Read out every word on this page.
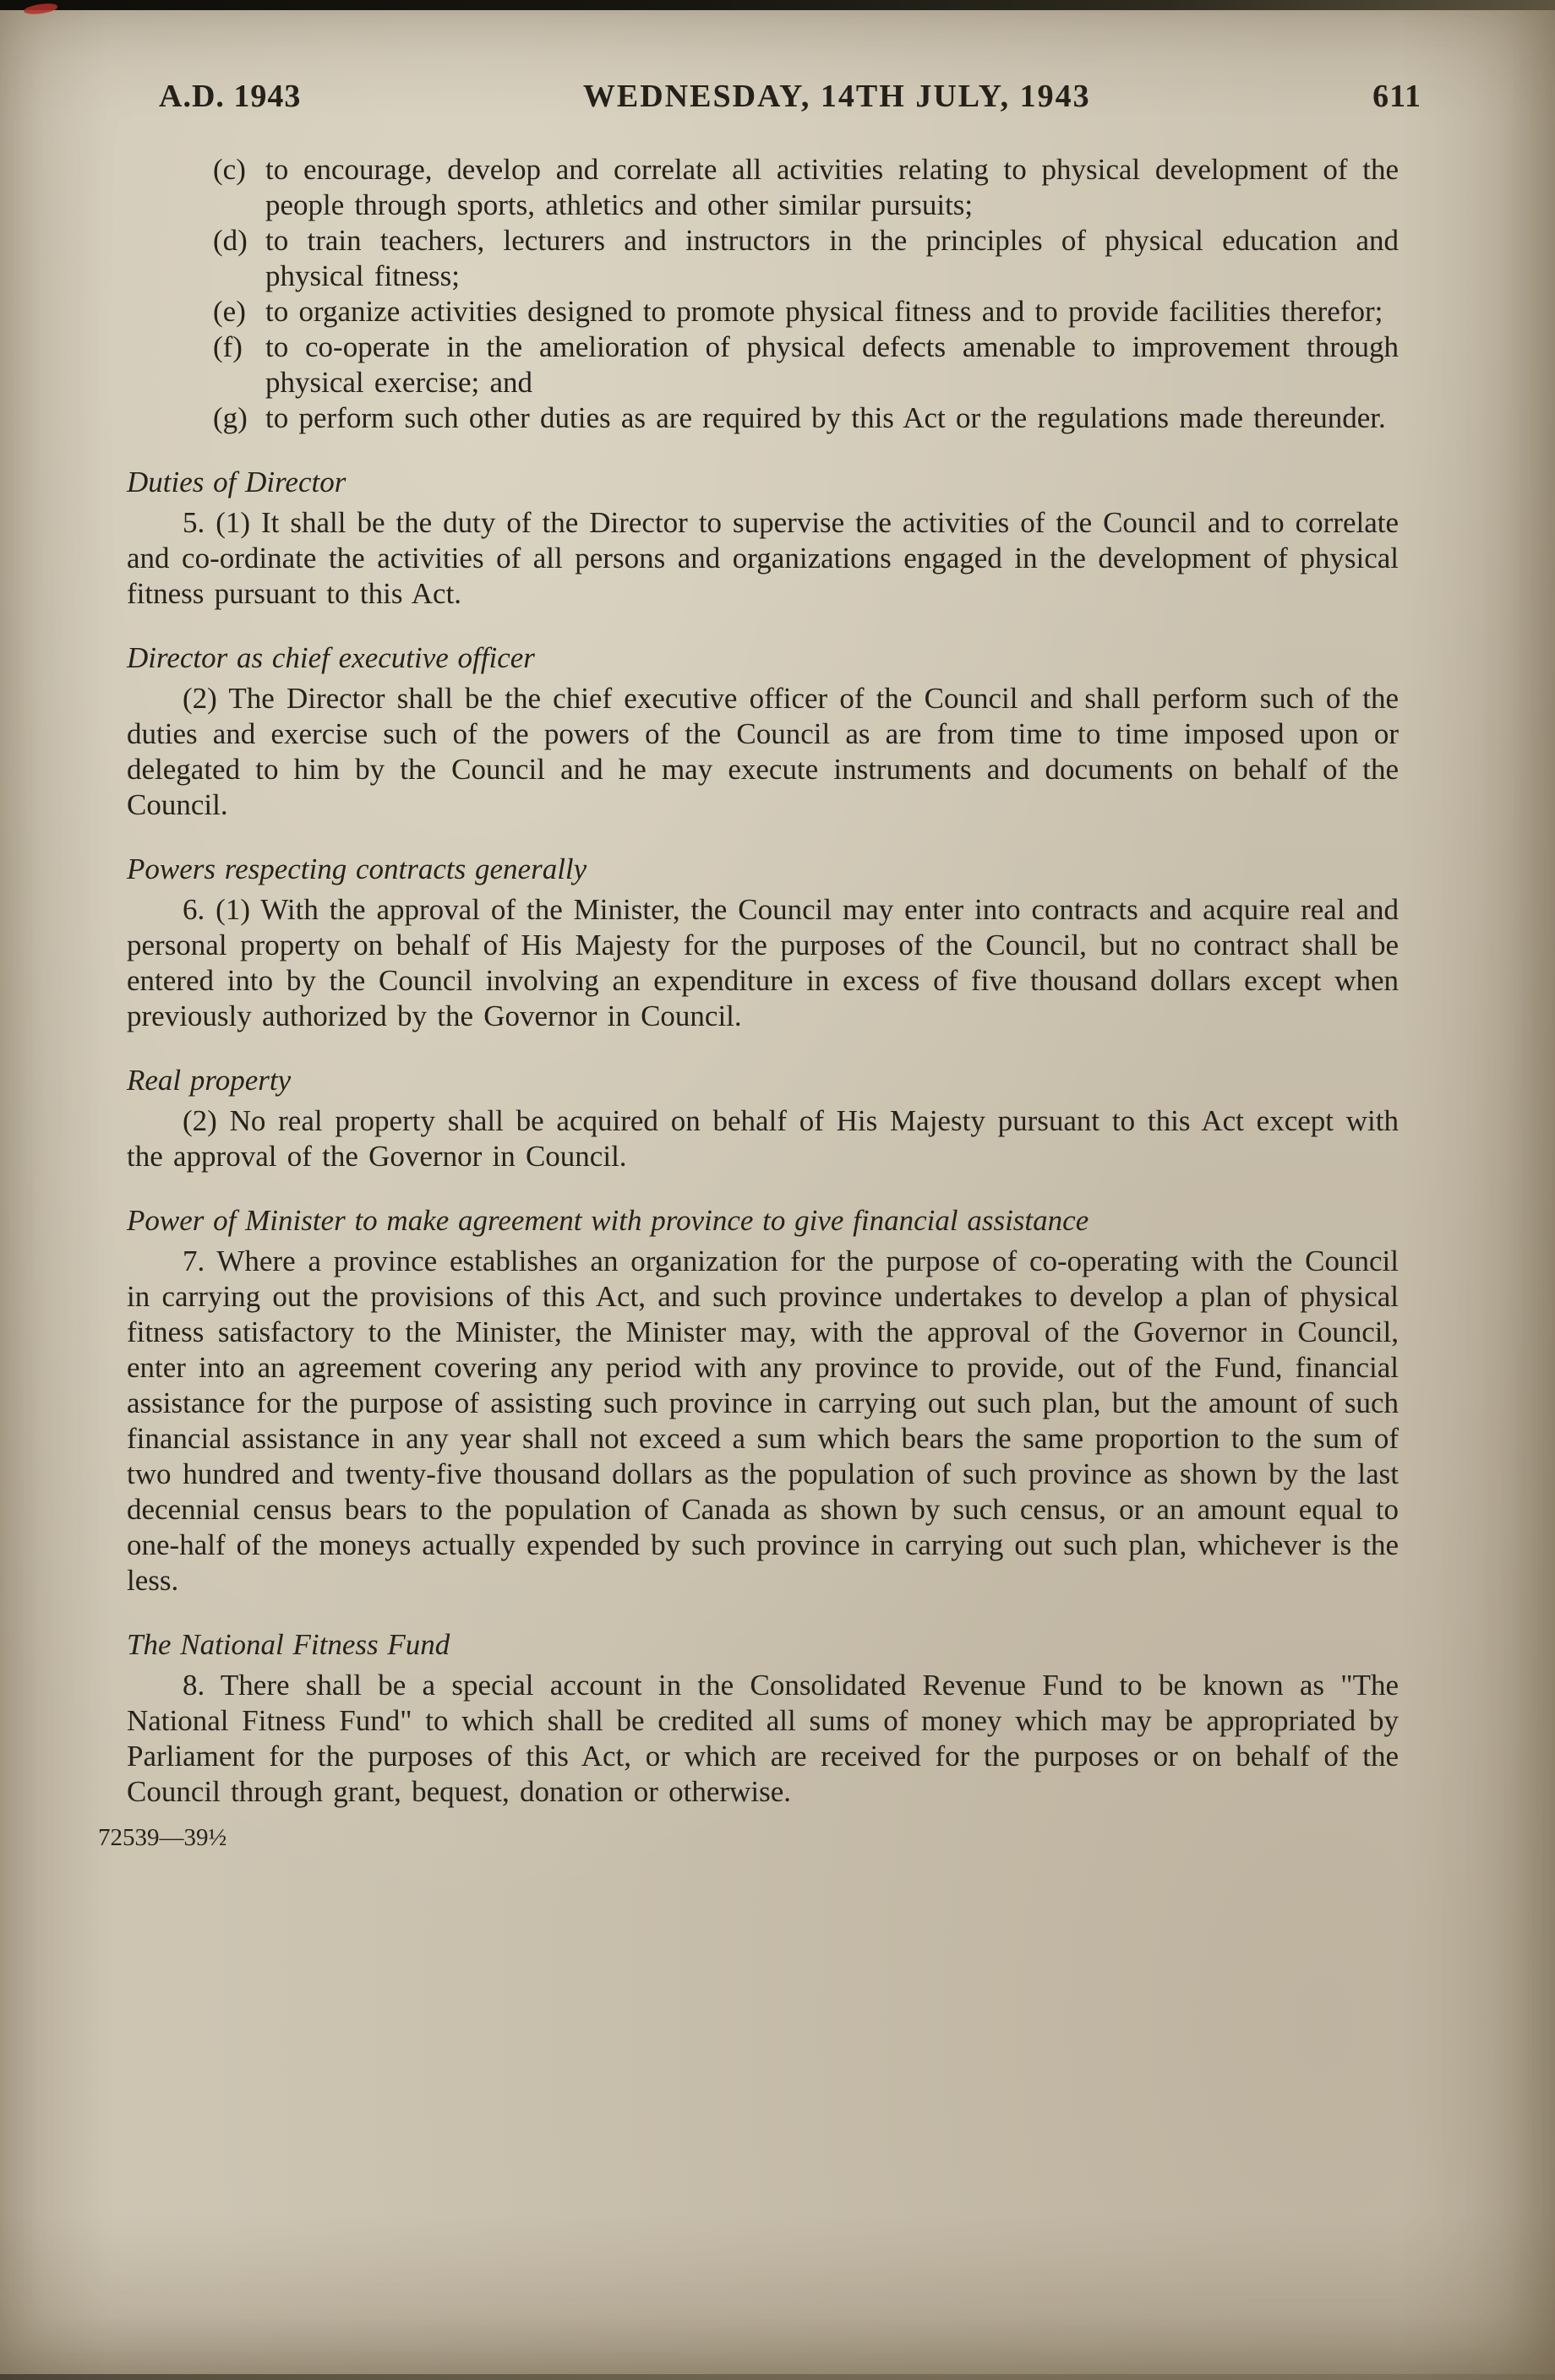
A.D. 1943	WEDNESDAY, 14TH JULY, 1943	611
(c) to encourage, develop and correlate all activities relating to physical development of the people through sports, athletics and other similar pursuits;
(d) to train teachers, lecturers and instructors in the principles of physical education and physical fitness;
(e) to organize activities designed to promote physical fitness and to provide facilities therefor;
(f) to co-operate in the amelioration of physical defects amenable to improvement through physical exercise; and
(g) to perform such other duties as are required by this Act or the regulations made thereunder.
Duties of Director

5. (1) It shall be the duty of the Director to supervise the activities of the Council and to correlate and co-ordinate the activities of all persons and organizations engaged in the development of physical fitness pursuant to this Act.

Director as chief executive officer

(2) The Director shall be the chief executive officer of the Council and shall perform such of the duties and exercise such of the powers of the Council as are from time to time imposed upon or delegated to him by the Council and he may execute instruments and documents on behalf of the Council.

Powers respecting contracts generally

6. (1) With the approval of the Minister, the Council may enter into contracts and acquire real and personal property on behalf of His Majesty for the purposes of the Council, but no contract shall be entered into by the Council involving an expenditure in excess of five thousand dollars except when previously authorized by the Governor in Council.

Real property

(2) No real property shall be acquired on behalf of His Majesty pursuant to this Act except with the approval of the Governor in Council.

Power of Minister to make agreement with province to give financial assistance

7. Where a province establishes an organization for the purpose of co-operating with the Council in carrying out the provisions of this Act, and such province undertakes to develop a plan of physical fitness satisfactory to the Minister, the Minister may, with the approval of the Governor in Council, enter into an agreement covering any period with any province to provide, out of the Fund, financial assistance for the purpose of assisting such province in carrying out such plan, but the amount of such financial assistance in any year shall not exceed a sum which bears the same proportion to the sum of two hundred and twenty-five thousand dollars as the population of such province as shown by the last decennial census bears to the population of Canada as shown by such census, or an amount equal to one-half of the moneys actually expended by such province in carrying out such plan, whichever is the less.

The National Fitness Fund

8. There shall be a special account in the Consolidated Revenue Fund to be known as "The National Fitness Fund" to which shall be credited all sums of money which may be appropriated by Parliament for the purposes of this Act, or which are received for the purposes or on behalf of the Council through grant, bequest, donation or otherwise.

72539—39½
